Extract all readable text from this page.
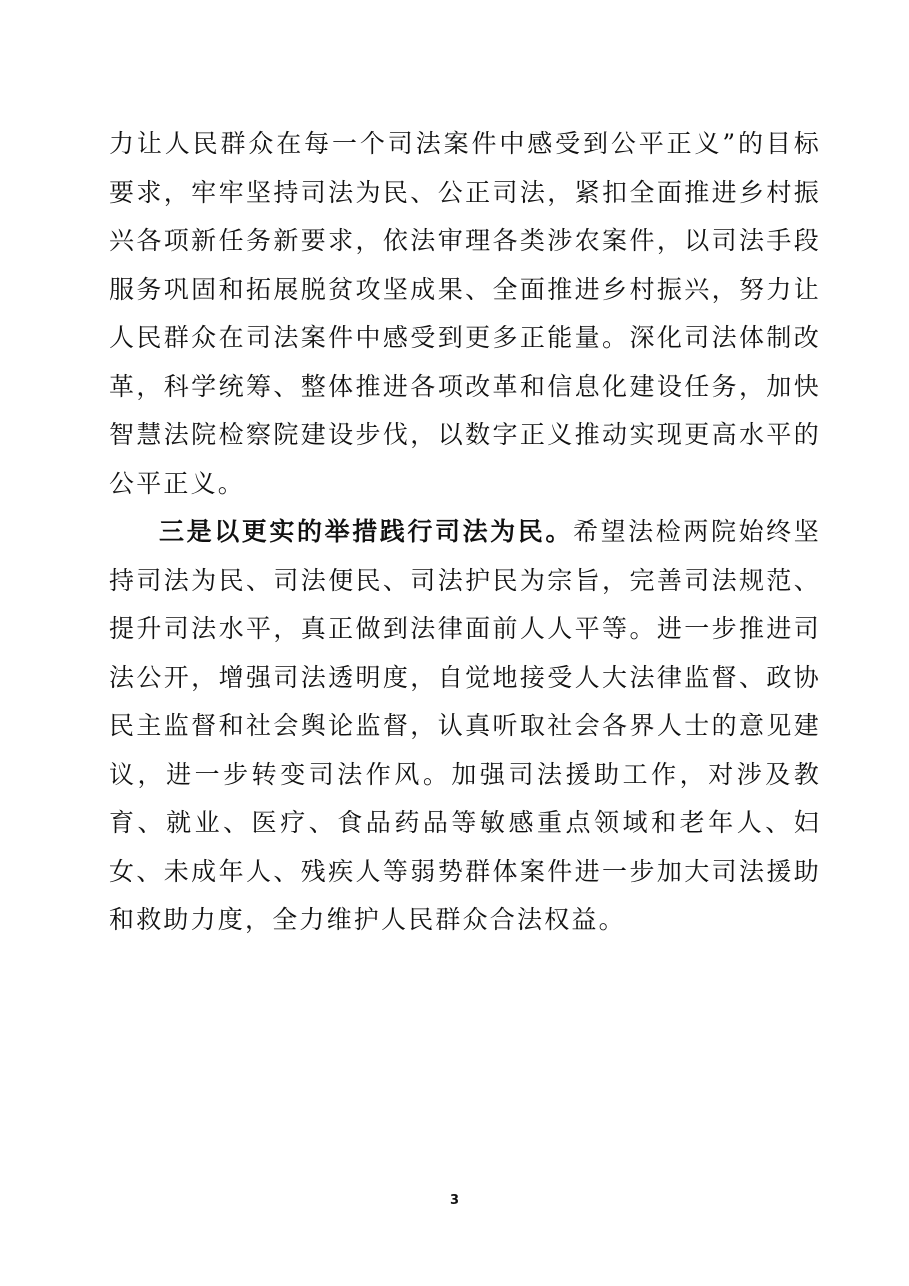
力让人民群众在每一个司法案件中感受到公平正义”的目标要求，牢牢坚持司法为民、公正司法，紧扣全面推进乡村振兴各项新任务新要求，依法审理各类涉农案件，以司法手段服务巩固和拓展脱贫攻坚成果、全面推进乡村振兴，努力让人民群众在司法案件中感受到更多正能量。深化司法体制改革，科学统筹、整体推进各项改革和信息化建设任务，加快智慧法院检察院建设步伐，以数字正义推动实现更高水平的公平正义。

三是以更实的举措践行司法为民。希望法检两院始终坚持司法为民、司法便民、司法护民为宗旨，完善司法规范、提升司法水平，真正做到法律面前人人平等。进一步推进司法公开，增强司法透明度，自觉地接受人大法律监督、政协民主监督和社会舆论监督，认真听取社会各界人士的意见建议，进一步转变司法作风。加强司法援助工作，对涉及教育、就业、医疗、食品药品等敏感重点领域和老年人、妇女、未成年人、残疾人等弱势群体案件进一步加大司法援助和救助力度，全力维护人民群众合法权益。

3
